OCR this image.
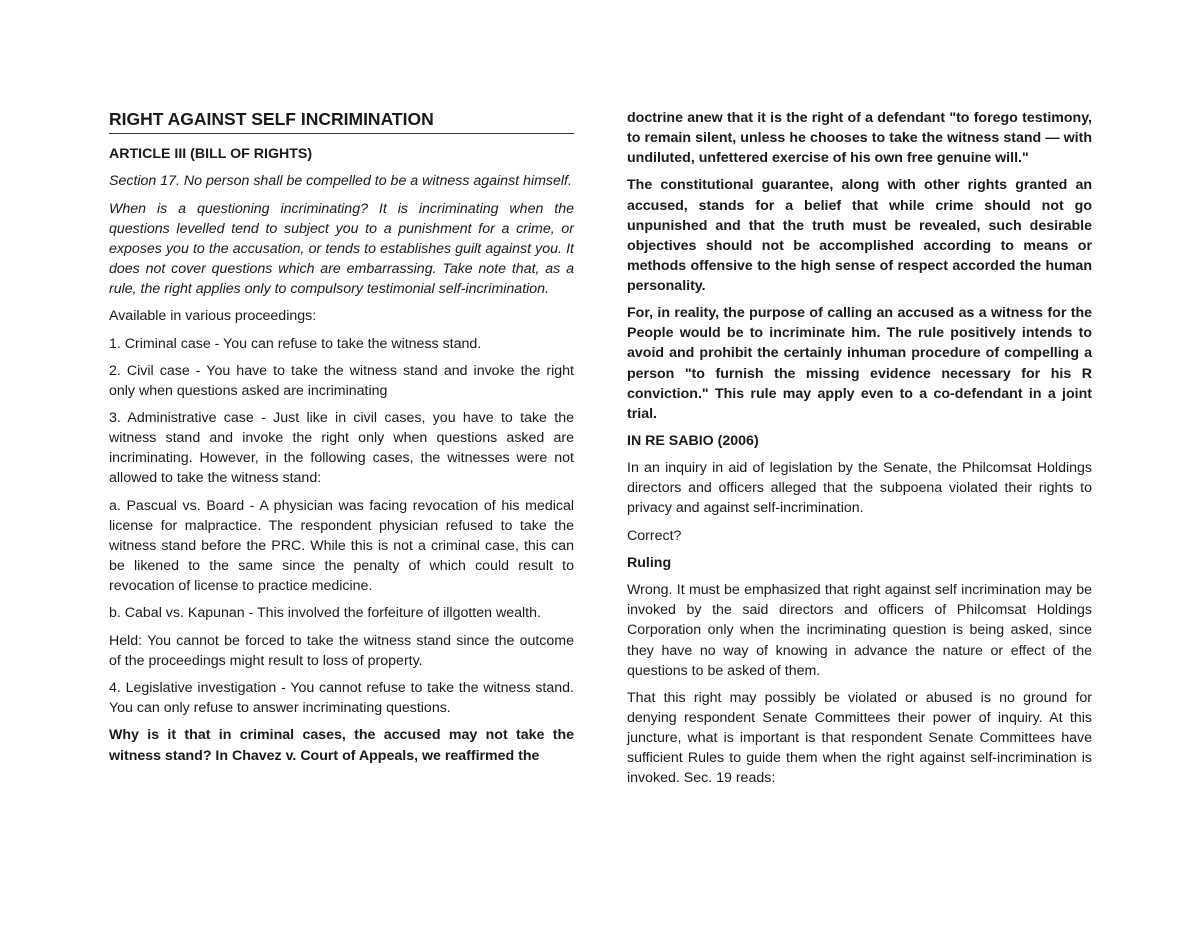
RIGHT AGAINST SELF INCRIMINATION

ARTICLE III (BILL OF RIGHTS)

Section 17. No person shall be compelled to be a witness against himself.

When is a questioning incriminating? It is incriminating when the questions levelled tend to subject you to a punishment for a crime, or exposes you to the accusation, or tends to establishes guilt against you. It does not cover questions which are embarrassing. Take note that, as a rule, the right applies only to compulsory testimonial self-incrimination.

Available in various proceedings:

1. Criminal case - You can refuse to take the witness stand.

2. Civil case - You have to take the witness stand and invoke the right only when questions asked are incriminating

3. Administrative case - Just like in civil cases, you have to take the witness stand and invoke the right only when questions asked are incriminating. However, in the following cases, the witnesses were not allowed to take the witness stand:

a. Pascual vs. Board - A physician was facing revocation of his medical license for malpractice. The respondent physician refused to take the witness stand before the PRC. While this is not a criminal case, this can be likened to the same since the penalty of which could result to revocation of license to practice medicine.

b. Cabal vs. Kapunan - This involved the forfeiture of illgotten wealth.

Held: You cannot be forced to take the witness stand since the outcome of the proceedings might result to loss of property.

4. Legislative investigation - You cannot refuse to take the witness stand. You can only refuse to answer incriminating questions.

Why is it that in criminal cases, the accused may not take the witness stand? In Chavez v. Court of Appeals, we reaffirmed the

doctrine anew that it is the right of a defendant "to forego testimony, to remain silent, unless he chooses to take the witness stand — with undiluted, unfettered exercise of his own free genuine will."

The constitutional guarantee, along with other rights granted an accused, stands for a belief that while crime should not go unpunished and that the truth must be revealed, such desirable objectives should not be accomplished according to means or methods offensive to the high sense of respect accorded the human personality.

For, in reality, the purpose of calling an accused as a witness for the People would be to incriminate him. The rule positively intends to avoid and prohibit the certainly inhuman procedure of compelling a person "to furnish the missing evidence necessary for his R conviction." This rule may apply even to a co-defendant in a joint trial.

IN RE SABIO (2006)

In an inquiry in aid of legislation by the Senate, the Philcomsat Holdings directors and officers alleged that the subpoena violated their rights to privacy and against self-incrimination.

Correct?

Ruling

Wrong. It must be emphasized that right against self incrimination may be invoked by the said directors and officers of Philcomsat Holdings Corporation only when the incriminating question is being asked, since they have no way of knowing in advance the nature or effect of the questions to be asked of them.

That this right may possibly be violated or abused is no ground for denying respondent Senate Committees their power of inquiry. At this juncture, what is important is that respondent Senate Committees have sufficient Rules to guide them when the right against self-incrimination is invoked. Sec. 19 reads:
